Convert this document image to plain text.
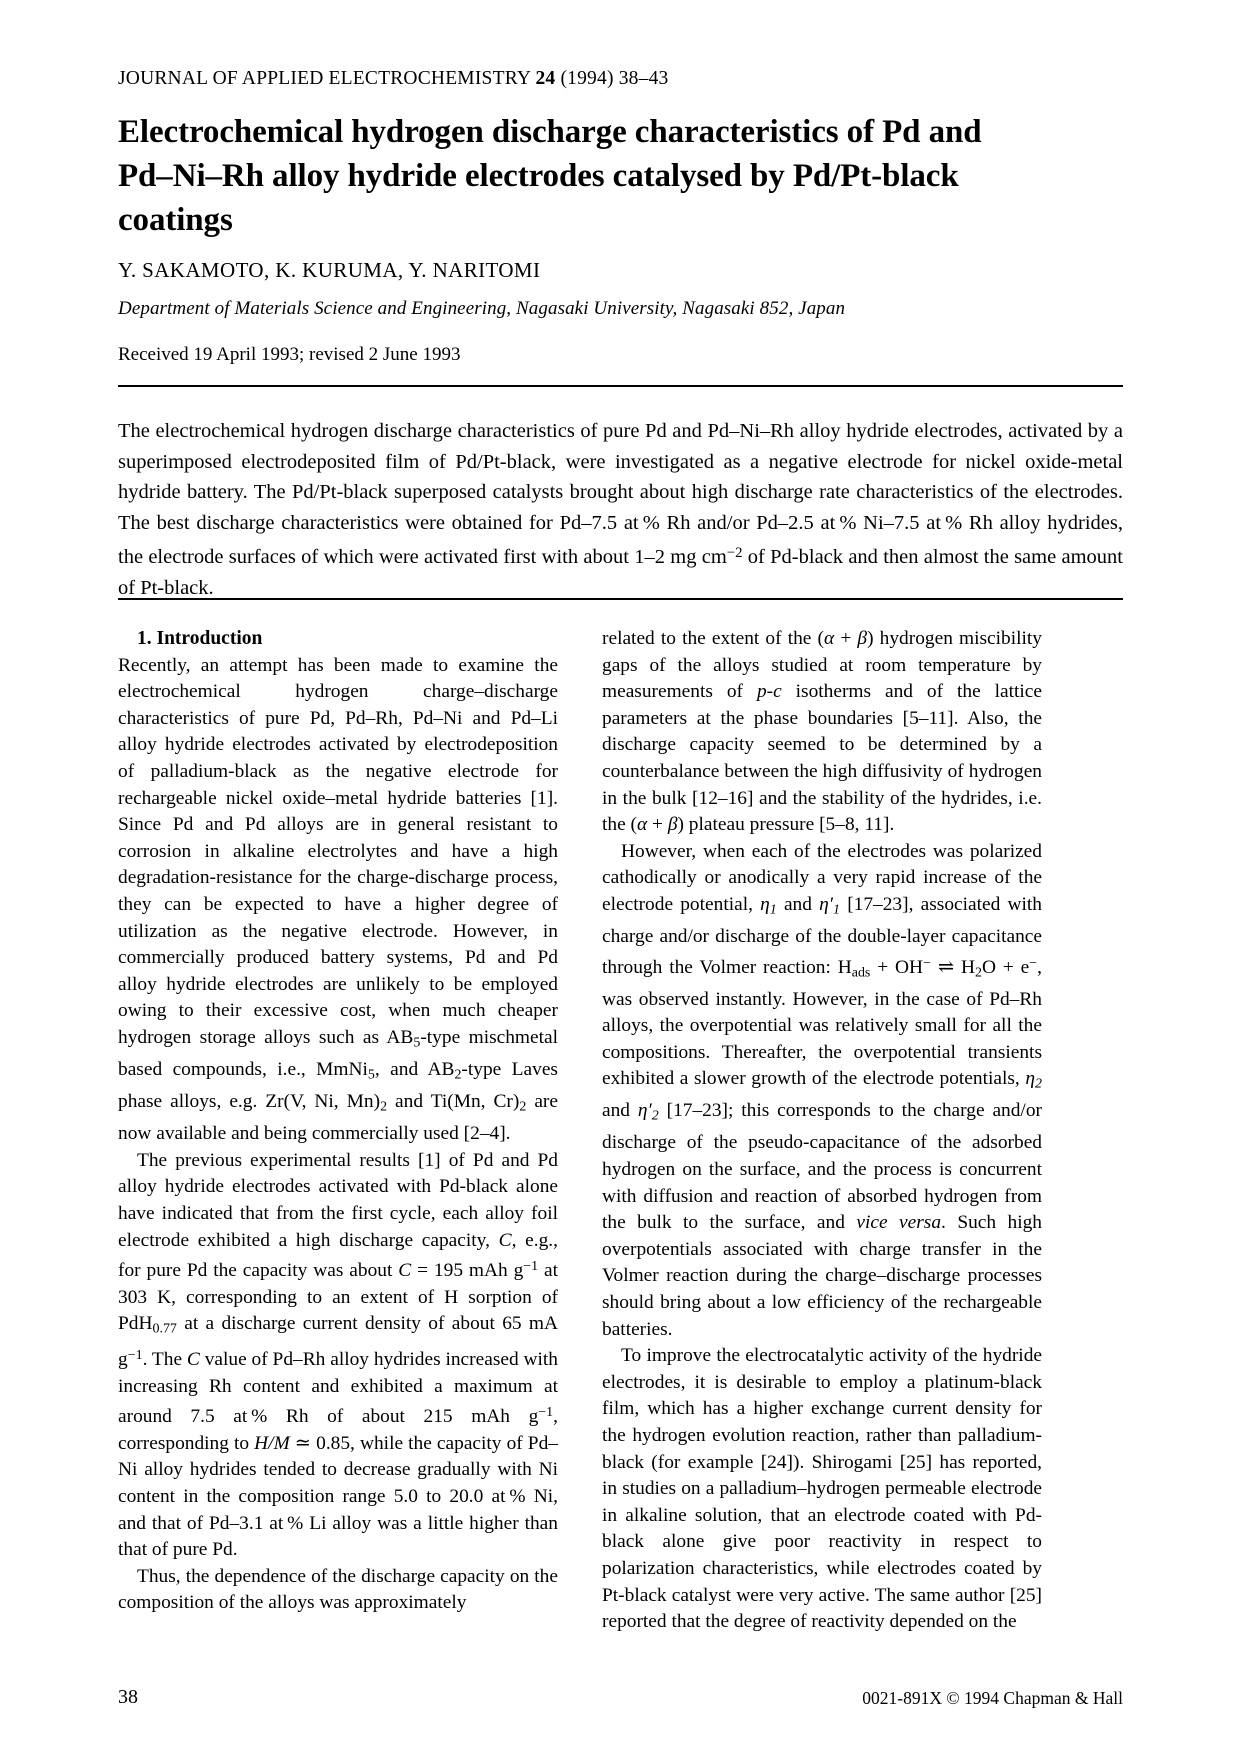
JOURNAL OF APPLIED ELECTROCHEMISTRY 24 (1994) 38–43
Electrochemical hydrogen discharge characteristics of Pd and Pd–Ni–Rh alloy hydride electrodes catalysed by Pd/Pt-black coatings
Y. SAKAMOTO, K. KURUMA, Y. NARITOMI
Department of Materials Science and Engineering, Nagasaki University, Nagasaki 852, Japan
Received 19 April 1993; revised 2 June 1993
The electrochemical hydrogen discharge characteristics of pure Pd and Pd–Ni–Rh alloy hydride electrodes, activated by a superimposed electrodeposited film of Pd/Pt-black, were investigated as a negative electrode for nickel oxide-metal hydride battery. The Pd/Pt-black superposed catalysts brought about high discharge rate characteristics of the electrodes. The best discharge characteristics were obtained for Pd–7.5 at % Rh and/or Pd–2.5 at % Ni–7.5 at % Rh alloy hydrides, the electrode surfaces of which were activated first with about 1–2 mg $cm^{-2}$ of Pd-black and then almost the same amount of Pt-black.

1. Introduction

Recently, an attempt has been made to examine the electrochemical hydrogen charge–discharge characteristics of pure Pd, Pd–Rh, Pd–Ni and Pd–Li alloy hydride electrodes activated by electrodeposition of palladium-black as the negative electrode for rechargeable nickel oxide–metal hydride batteries [1]. Since Pd and Pd alloys are in general resistant to corrosion in alkaline electrolytes and have a high degradation-resistance for the charge-discharge process, they can be expected to have a higher degree of utilization as the negative electrode. However, in commercially produced battery systems, Pd and Pd alloy hydride electrodes are unlikely to be employed owing to their excessive cost, when much cheaper hydrogen storage alloys such as $AB_5$-type mischmetal based compounds, i.e., MmNi$_5$, and $AB_2$-type Laves phase alloys, e.g. Zr(V, Ni, $Mn)_2$ and Ti(Mn, $Cr)_2$ are now available and being commercially used [2–4].

The previous experimental results [1] of Pd and Pd alloy hydride electrodes activated with Pd-black alone have indicated that from the first cycle, each alloy foil electrode exhibited a high discharge capacity, C, e.g., for pure Pd the capacity was about C = 195 mAh $g^{-1}$ at 303 K, corresponding to an extent of H sorption of PdH$_{0.77}$ at a discharge current density of about 65 mA $g^{-1}$. The C value of Pd–Rh alloy hydrides increased with increasing Rh content and exhibited a maximum at around 7.5 at % Rh of about 215 mAh $g^{-1}$, corresponding to H/M ≃ 0.85, while the capacity of Pd–Ni alloy hydrides tended to decrease gradually with Ni content in the composition range 5.0 to 20.0 at % Ni, and that of Pd–3.1 at % Li alloy was a little higher than that of pure Pd.

Thus, the dependence of the discharge capacity on the composition of the alloys was approximately

related to the extent of the (α + β) hydrogen miscibility gaps of the alloys studied at room temperature by measurements of p-c isotherms and of the lattice parameters at the phase boundaries [5–11]. Also, the discharge capacity seemed to be determined by a counterbalance between the high diffusivity of hydrogen in the bulk [12–16] and the stability of the hydrides, i.e. the (α + β) plateau pressure [5–8, 11].

However, when each of the electrodes was polarized cathodically or anodically a very rapid increase of the electrode potential, $\eta_1$ and $\eta'_1$ [17–23], associated with charge and/or discharge of the double-layer capacitance through the Volmer reaction: $H_{ads} + OH^-$ ⇌ $H_2O + e^-$, was observed instantly. However, in the case of Pd–Rh alloys, the overpotential was relatively small for all the compositions. Thereafter, the overpotential transients exhibited a slower growth of the electrode potentials, $\eta_2$ and $\eta'_2$ [17–23]; this corresponds to the charge and/or discharge of the pseudo-capacitance of the adsorbed hydrogen on the surface, and the process is concurrent with diffusion and reaction of absorbed hydrogen from the bulk to the surface, and vice versa. Such high overpotentials associated with charge transfer in the Volmer reaction during the charge–discharge processes should bring about a low efficiency of the rechargeable batteries.

To improve the electrocatalytic activity of the hydride electrodes, it is desirable to employ a platinum-black film, which has a higher exchange current density for the hydrogen evolution reaction, rather than palladium-black (for example [24]). Shirogami [25] has reported, in studies on a palladium–hydrogen permeable electrode in alkaline solution, that an electrode coated with Pd-black alone give poor reactivity in respect to polarization characteristics, while electrodes coated by Pt-black catalyst were very active. The same author [25] reported that the degree of reactivity depended on the

38	0021-891X © 1994 Chapman & Hall
